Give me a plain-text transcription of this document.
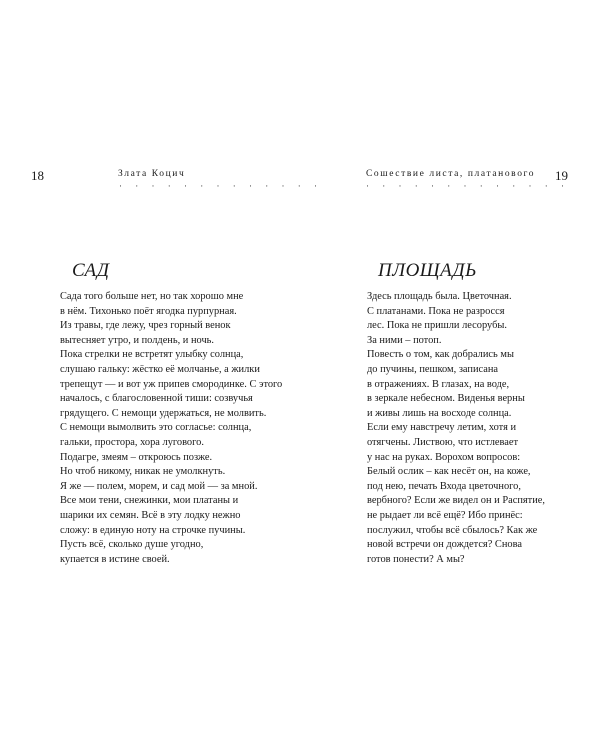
18	Злата Коцич
· · · · · · · · · · · · ·
САД
Сада того больше нет, но так хорошо мне
в нём. Тихонько поёт ягодка пурпурная.
Из травы, где лежу, чрез горный венок
вытесняет утро, и полдень, и ночь.
Пока стрелки не встретят улыбку солнца,
слушаю гальку: жёстко её молчанье, а жилки
трепещут — и вот уж припев смородинке. С этого
началось, с благословенной тиши: созвучья
грядущего. С немощи удержаться, не молвить.
С немощи вымолвить это согласье: солнца,
гальки, простора, хора лугового.
Подагре, змеям – откроюсь позже.
Но чтоб никому, никак не умолкнуть.
Я же — полем, морем, и сад мой — за мной.
Все мои тени, снежинки, мои платаны и
шарики их семян. Всё в эту лодку нежно
сложу: в единую ноту на строчке пучины.
Пусть всё, сколько душе угодно,
купается в истине своей.
19
Сошествие листа, платанового
· · · · · · · · · · · · ·
ПЛОЩАДЬ
Здесь площадь была. Цветочная.
С платанами. Пока не разросся
лес. Пока не пришли лесорубы.
За ними – потоп.
Повесть о том, как добрались мы
до пучины, пешком, записана
в отражениях. В глазах, на воде,
в зеркале небесном. Виденья верны
и живы лишь на восходе солнца.
Если ему навстречу летим, хотя и
отягчены. Листвою, что истлевает
у нас на руках. Ворохом вопросов:
Белый ослик – как несёт он, на коже,
под нею, печать Входа цветочного,
вербного? Если же видел он и Распятие,
не рыдает ли всё ещё? Ибо принёс:
послужил, чтобы всё сбылось? Как же
новой встречи он дождется? Снова
готов понести? А мы?
